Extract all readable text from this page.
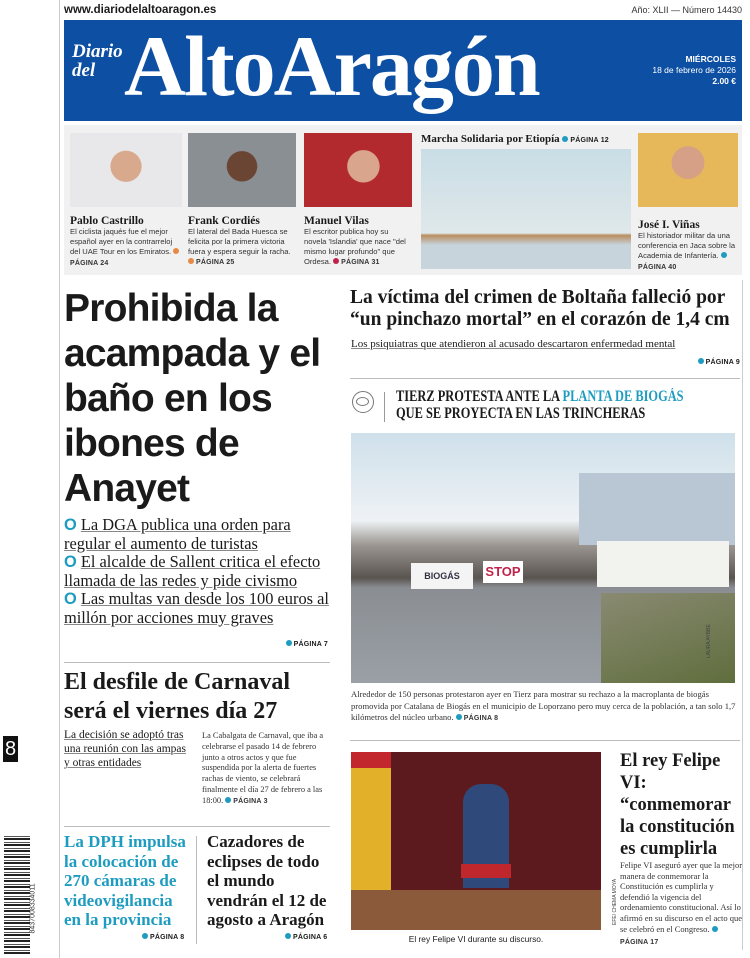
8
8437008334011
www.diariodelaltoaragon.es	Año: XLII — Número 14430
Diario
del AltoAragón	MIÉRCOLES
18 de febrero de 2026
2.00 €
Pablo Castrillo
El ciclista jaqués fue el mejor español ayer en la contrarreloj del UAE Tour en los Emiratos. PÁGINA 24
Frank Cordiés
El lateral del Bada Huesca se felicita por la primera victoria fuera y espera seguir la racha. PÁGINA 25
Manuel Vilas
El escritor publica hoy su novela 'Islandia' que nace "del mismo lugar profundo" que Ordesa. PÁGINA 31
Marcha Solidaria por Etiopía PÁGINA 12
José I. Viñas
El historiador militar da una conferencia en Jaca sobre la Academia de Infantería. PÁGINA 40
Prohibida la acampada y el baño en los ibones de Anayet
O La DGA publica una orden para regular el aumento de turistas
O El alcalde de Sallent critica el efecto llamada de las redes y pide civismo
O Las multas van desde los 100 euros al millón por acciones muy graves
PÁGINA 7
El desfile de Carnaval será el viernes día 27
La decisión se adoptó tras una reunión con las ampas y otras entidades
La Cabalgata de Carnaval, que iba a celebrarse el pasado 14 de febrero junto a otros actos y que fue suspendida por la alerta de fuertes rachas de viento, se celebrará finalmente el día 27 de febrero a las 18:00. PÁGINA 3
La DPH impulsa la colocación de 270 cámaras de videovigilancia en la provincia
PÁGINA 8
Cazadores de eclipses de todo el mundo vendrán el 12 de agosto a Aragón
PÁGINA 6
La víctima del crimen de Boltaña falleció por “un pinchazo mortal” en el corazón de 1,4 cm
Los psiquiatras que atendieron al acusado descartaron enfermedad mental
PÁGINA 9
TIERZ PROTESTA ANTE LA PLANTA DE BIOGÁS
QUE SE PROYECTA EN LAS TRINCHERAS
BIOGÁS	STOP
LAURA AYBBE
Alrededor de 150 personas protestaron ayer en Tierz para mostrar su rechazo a la macroplanta de biogás promovida por Catalana de Biogás en el municipio de Loporzano pero muy cerca de la población, a tan solo 1,7 kilómetros del núcleo urbano. PÁGINA 8
EFE/ CHEMA MOYA
El rey Felipe VI durante su discurso.
El rey Felipe VI: “conmemorar la constitución es cumplirla
Felipe VI aseguró ayer que la mejor manera de conmemorar la Constitución es cumplirla y defendió la vigencia del ordenamiento constitucional. Así lo afirmó en su discurso en el acto que se celebró en el Congreso. PÁGINA 17
